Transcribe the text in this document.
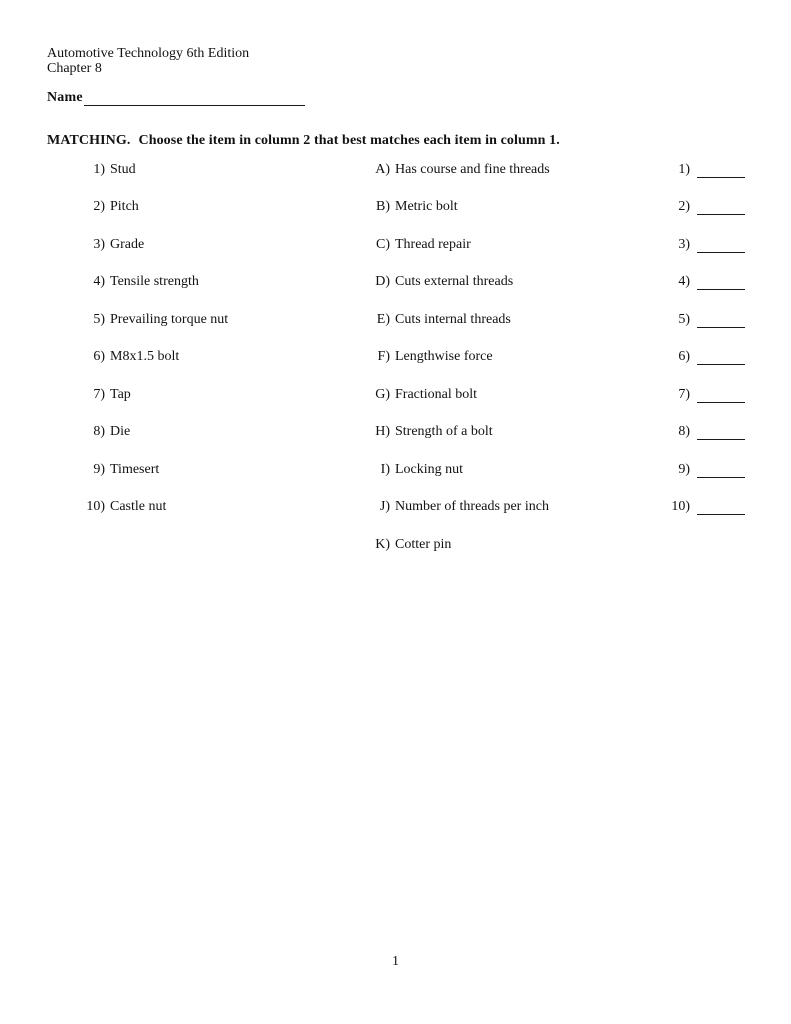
Automotive Technology 6th Edition
Chapter 8
Name
MATCHING. Choose the item in column 2 that best matches each item in column 1.
1) Stud	A) Has course and fine threads	1)
2) Pitch	B) Metric bolt	2)
3) Grade	C) Thread repair	3)
4) Tensile strength	D) Cuts external threads	4)
5) Prevailing torque nut	E) Cuts internal threads	5)
6) M8x1.5 bolt	F) Lengthwise force	6)
7) Tap	G) Fractional bolt	7)
8) Die	H) Strength of a bolt	8)
9) Timesert	I) Locking nut	9)
10) Castle nut	J) Number of threads per inch	10)
K) Cotter pin
1
